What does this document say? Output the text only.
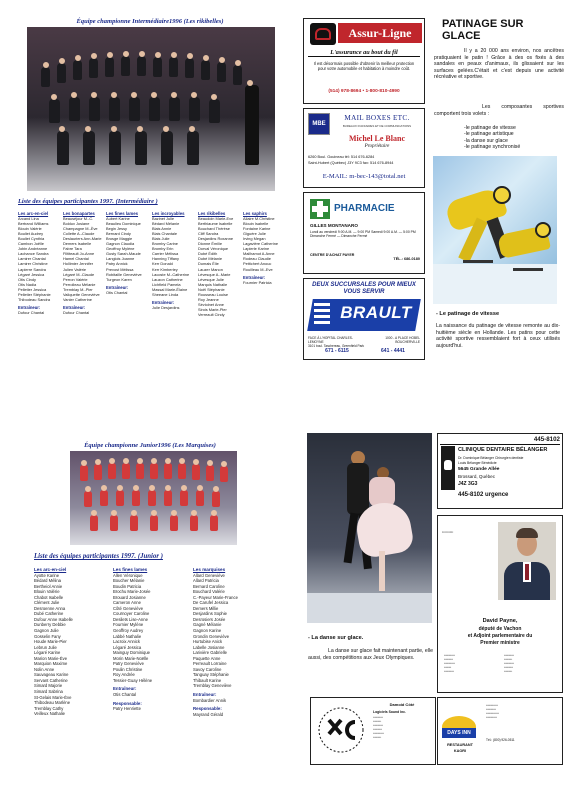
Équipe championne Intermédiaire1996 (Les rikibelles)
Liste des équipes participantes 1997. (Intermédiaire )
Les arc-en-ciel
Arcand Lina
Bertrand Williams
Blouin Valérie
Bouliet Audrey
Bouliet Cynthia
Cambon Joëlle
Jobin Andréanne
Lachance Sandra
Lamirer Chantal
Lamirer Christine
Lapierre Sandra
Légaré Jessica
Otis Cindy
Otis Nadia
Pelletier Jessica
Pelletier Stéphanie
Thibodeau Sandra
Entraîneur:
Dufour Chantal
Les bonapartes
Beauséjour M.-C.
Boldux Josiane
Champagne M.-Ève
Collette A.-Claude
Deslauriers Ann-Marie
Demers Isabelle
Fabre Tara
Filtiteault Jo-Anne
Hamel Chantal
Hollimier Jennifer
Julien Valérie
Légaré M.-Claude
Perron Valérie
Perrolleau Mélanie
Tremblay M.-Pier
Valiquette Geneviève
Vanier Catherine
Entraîneur:
Dufour Chantal
Les fines lames
Aubert Karine
Beaulieu Dominique
Begin Jessy
Bernard Cindy
Brosge Maggie
Gagnon Claudia
Geoffroy Mylène
Gusty Sarah-Maude
Langlois Joanne
Patry Annick
Prevost Mélissa
Robitaille Geneviève
Turgeon Karen
Entraîneur:
Otis Chantal
Les incroyables
Bazinet Julie
Bédard Mélanie
Blais Annie
Blais Chantale
Blais Julie
Bromby Carine
Bromby Erin
Carrier Mélissa
Hanning Tiffany
Kerr Donald
Kerr Kimberley
Lacoste M.-Catherine
Lauzon Catherine
Lichfield Pamela
Massal Marie-Élaine
Sheeane Linda
Entraîneur:
Julie Desjardins
Les rikibelles
Beaudoin Marie-Eve
Berthiaume Isabelle
Bouchard Thérèse
Cliff Sandra
Desjardins Roxanne
Dionne Émilie
Dorval Véronique
Dubé Édith
Dubé Mélanie
Dumais Élie
Lauzer Manon
Lévesque A.-Marie
Lévesque Julie
Marquis Nathalie
Noël Stéphanie
Rousseau Louise
Roy Jeanne
Séviolnet Anne
Sirois Marie-Pier
Verreault Cindy
Les saphirs
Allaire M.Christine
Blouin Isabelle
Fontaine Karine
Giguère Julie
Irving Megan
Lagavière Catherine
Lapierle Karine
Mailhamot A.Anne
Rodeau Claudie
Pettichert Anouc
Rouilleau M.-Eve
Entraîneur:
Fournier Patricia
Assur-Ligne
L'assurance au bout du fil
Il est désormais possible d'obtenir la meilleur protection pour votre automobile et habitation à moindre coût.
(514) 978-8694 • 1-800-810-4990
MBE
MAIL BOXES ETC.
BUREAUX D'AFFAIRES ET DE COMMUNICATIONS
Michel Le Blanc
Propriétaire
6260 Boul. Gouineau tél: 514 676-6284
Saint-Hubert (Québec) J3Y 9C3 fax: 514 676-8944
E-MAIL: m-bec-143@total.net
PHARMACIE
GILLES MONTANARO
Lundi au vendredi 9:00 A.M. — 9:00 PM Samedi 9:00 A.M. — 5:00 PM Dimanche Fermé — Dimanche Fermé
CENTRE D'ACHAT PAYER
TÉL.: 686-0180
DEUX SUCCURSALES POUR MIEUX VOUS SERVIR
BRAULT
FACE À L'HOPITAL CHARLES-LEMOYNE
3101 boul. Taschereau, Greenfield Park
1000 - A PLACE HOBEL
BOUCHERVILLE
671 - 6115	641 - 4441
PATINAGE SUR GLACE
Il y a 20 000 ans environ, nos ancêtres pratiquaient le patin ! Grâce à des os fixés à des sandales en peaux d'animaux, ils glissaient sur les surfaces gelées.C'était et c'est depuis une activité récréative et sportive.
Les composantes sportives comportent trois volets :
-le patinage de vitesse
-le patinage artistique
-la danse sur glace
-le patinage synchronisé
- Le patinage de vitesse
La naissance du patinage de vitesse remonte au dix-huitième siècle en Hollande. Les patins pour cette activité sportive ressemblaient fort à ceux utilisés aujourd'hui.
Équipe championne Junior1996 (Les Marquises)
Liste des équipes participantes 1997. (Junior )
Les arc-en-ciel
Ayotte Karine
Bédard Mélina
Bertheiol Annie
Blouin Valérie
Chabot Isabelle
Clément Julie
Desroenne Anna
Dubé Catherine
Dufour Anne Isabelle
Dunberry Debbie
Gagnon Julie
Gosselin Fany
Houde Marie-Pier
Lebrun Julie
Légaré Karine
Marion Marie-Ève
Marquion Maxime
Nolin Anne
Sauvageau Karine
Servant Catherine
Simard Majorie
Simard Sabrina
St-Gelais Marie-Ève
Thibodeau Marlène
Tremblay Cathy
Veilleux Nathalie
Les fines lames
Allen Véronique
Boucher Mélanie
Boudin Patricia
Brochu Marie-Josée
Brouard Josianne
Cameron Anne
Côté Geneviève
Cournoyer Caroline
Desilets Lise-Anne
Fournier Mylène
Geoffroy Audrey
Labbé Nathalie
Lacroix Annick
Légaré Jessica
Mainguy Dominique
Morin Marie-Noëlle
Patry Geneviève
Poulin Christine
Roy Andrée
Tessier-Guay Hélène
Entraîneur:
Otis Chantal
Responsable:
Patry Henriette
Les marquises
Allard Geneviève
Allard Patricia
Bernard Caroline
Bouchard Valérie
C.-Payeur Marie-France
De Carufel Jessica
Demers Millie
Desjardins Sophie
Desrosiers Josée
Gagné Mélanie
Gagnon Karine
Grondin Geneviève
Hurtubise Anick
Labelle Josianne
Larivière Gabrielle
Paquette Anne
Perreault Lorraine
Savoy Caroline
Tanguay Stéphanie
Thibault Karine
Tremblay Geneviève
Entraîneur:
Bombardier Annik
Responsable:
Mayrand Gérald
- La danse sur glace.
La danse sur glace fait maintenant partie, elle aussi, des compétitions aux Jeux Olympiques.
445-8102
CLINIQUE DENTAIRE BÉLANGER
Dr. Dominique Bélanger Chirurgien dentiste
Louis Bélanger Bénédicte
5645 Grande Allée
Brossard, Québec
J4Z 3G3
445-8102 urgence
▪▪▪▪▪▪▪▪▪▪
David Payne,
député de Vachon
et Adjoint parlementaire du
Premier ministre
▪▪▪▪▪▪▪▪▪▪▪▪
▪▪▪▪▪▪▪▪▪▪
▪▪▪▪▪▪▪▪▪▪▪▪
▪▪▪▪▪▪▪▪
▪▪▪▪▪▪▪▪▪▪▪
▪▪▪▪▪▪▪▪▪▪▪
▪▪▪▪▪▪▪▪▪
▪▪▪▪▪▪▪▪▪▪▪
▪▪▪▪▪▪▪▪▪▪
▪▪▪▪▪▪▪▪▪
Damoid Côté
Logiciels Sound Inc.
▪▪▪▪▪▪▪▪▪▪▪
▪▪▪▪▪▪▪▪▪
▪▪▪▪▪▪▪▪▪▪▪
▪▪▪▪▪▪▪▪▪▪
▪▪▪▪▪▪▪▪▪▪▪▪
▪▪▪▪▪▪▪▪▪
DAYS INN
RESTAURANT
KAORI
▪▪▪▪▪▪▪▪▪▪▪▪▪
▪▪▪▪▪▪▪▪▪▪▪
▪▪▪▪▪▪▪▪▪▪▪▪▪▪
▪▪▪▪▪▪▪▪▪▪▪▪
Tél.: (800) 926-0511
